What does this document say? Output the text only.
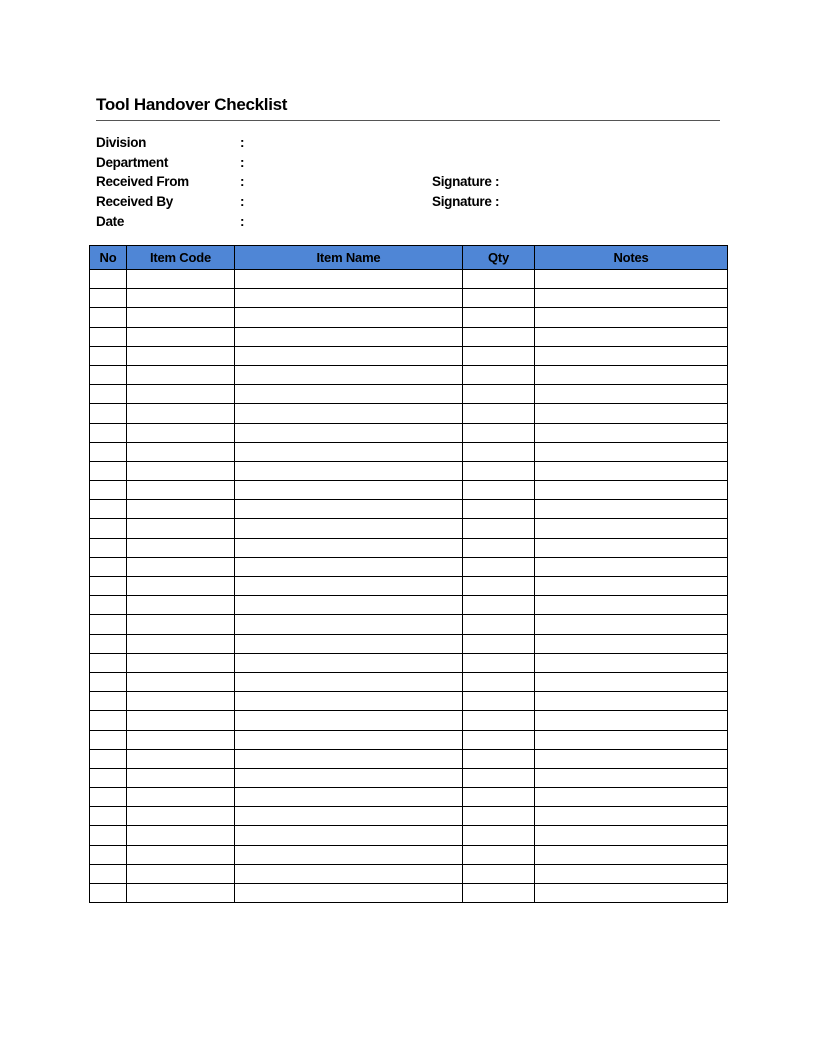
Tool Handover Checklist
Division	:
Department	:
Received From	:	Signature :
Received By	:	Signature :
Date	:
No	Item Code	Item Name	Qty	Notes
